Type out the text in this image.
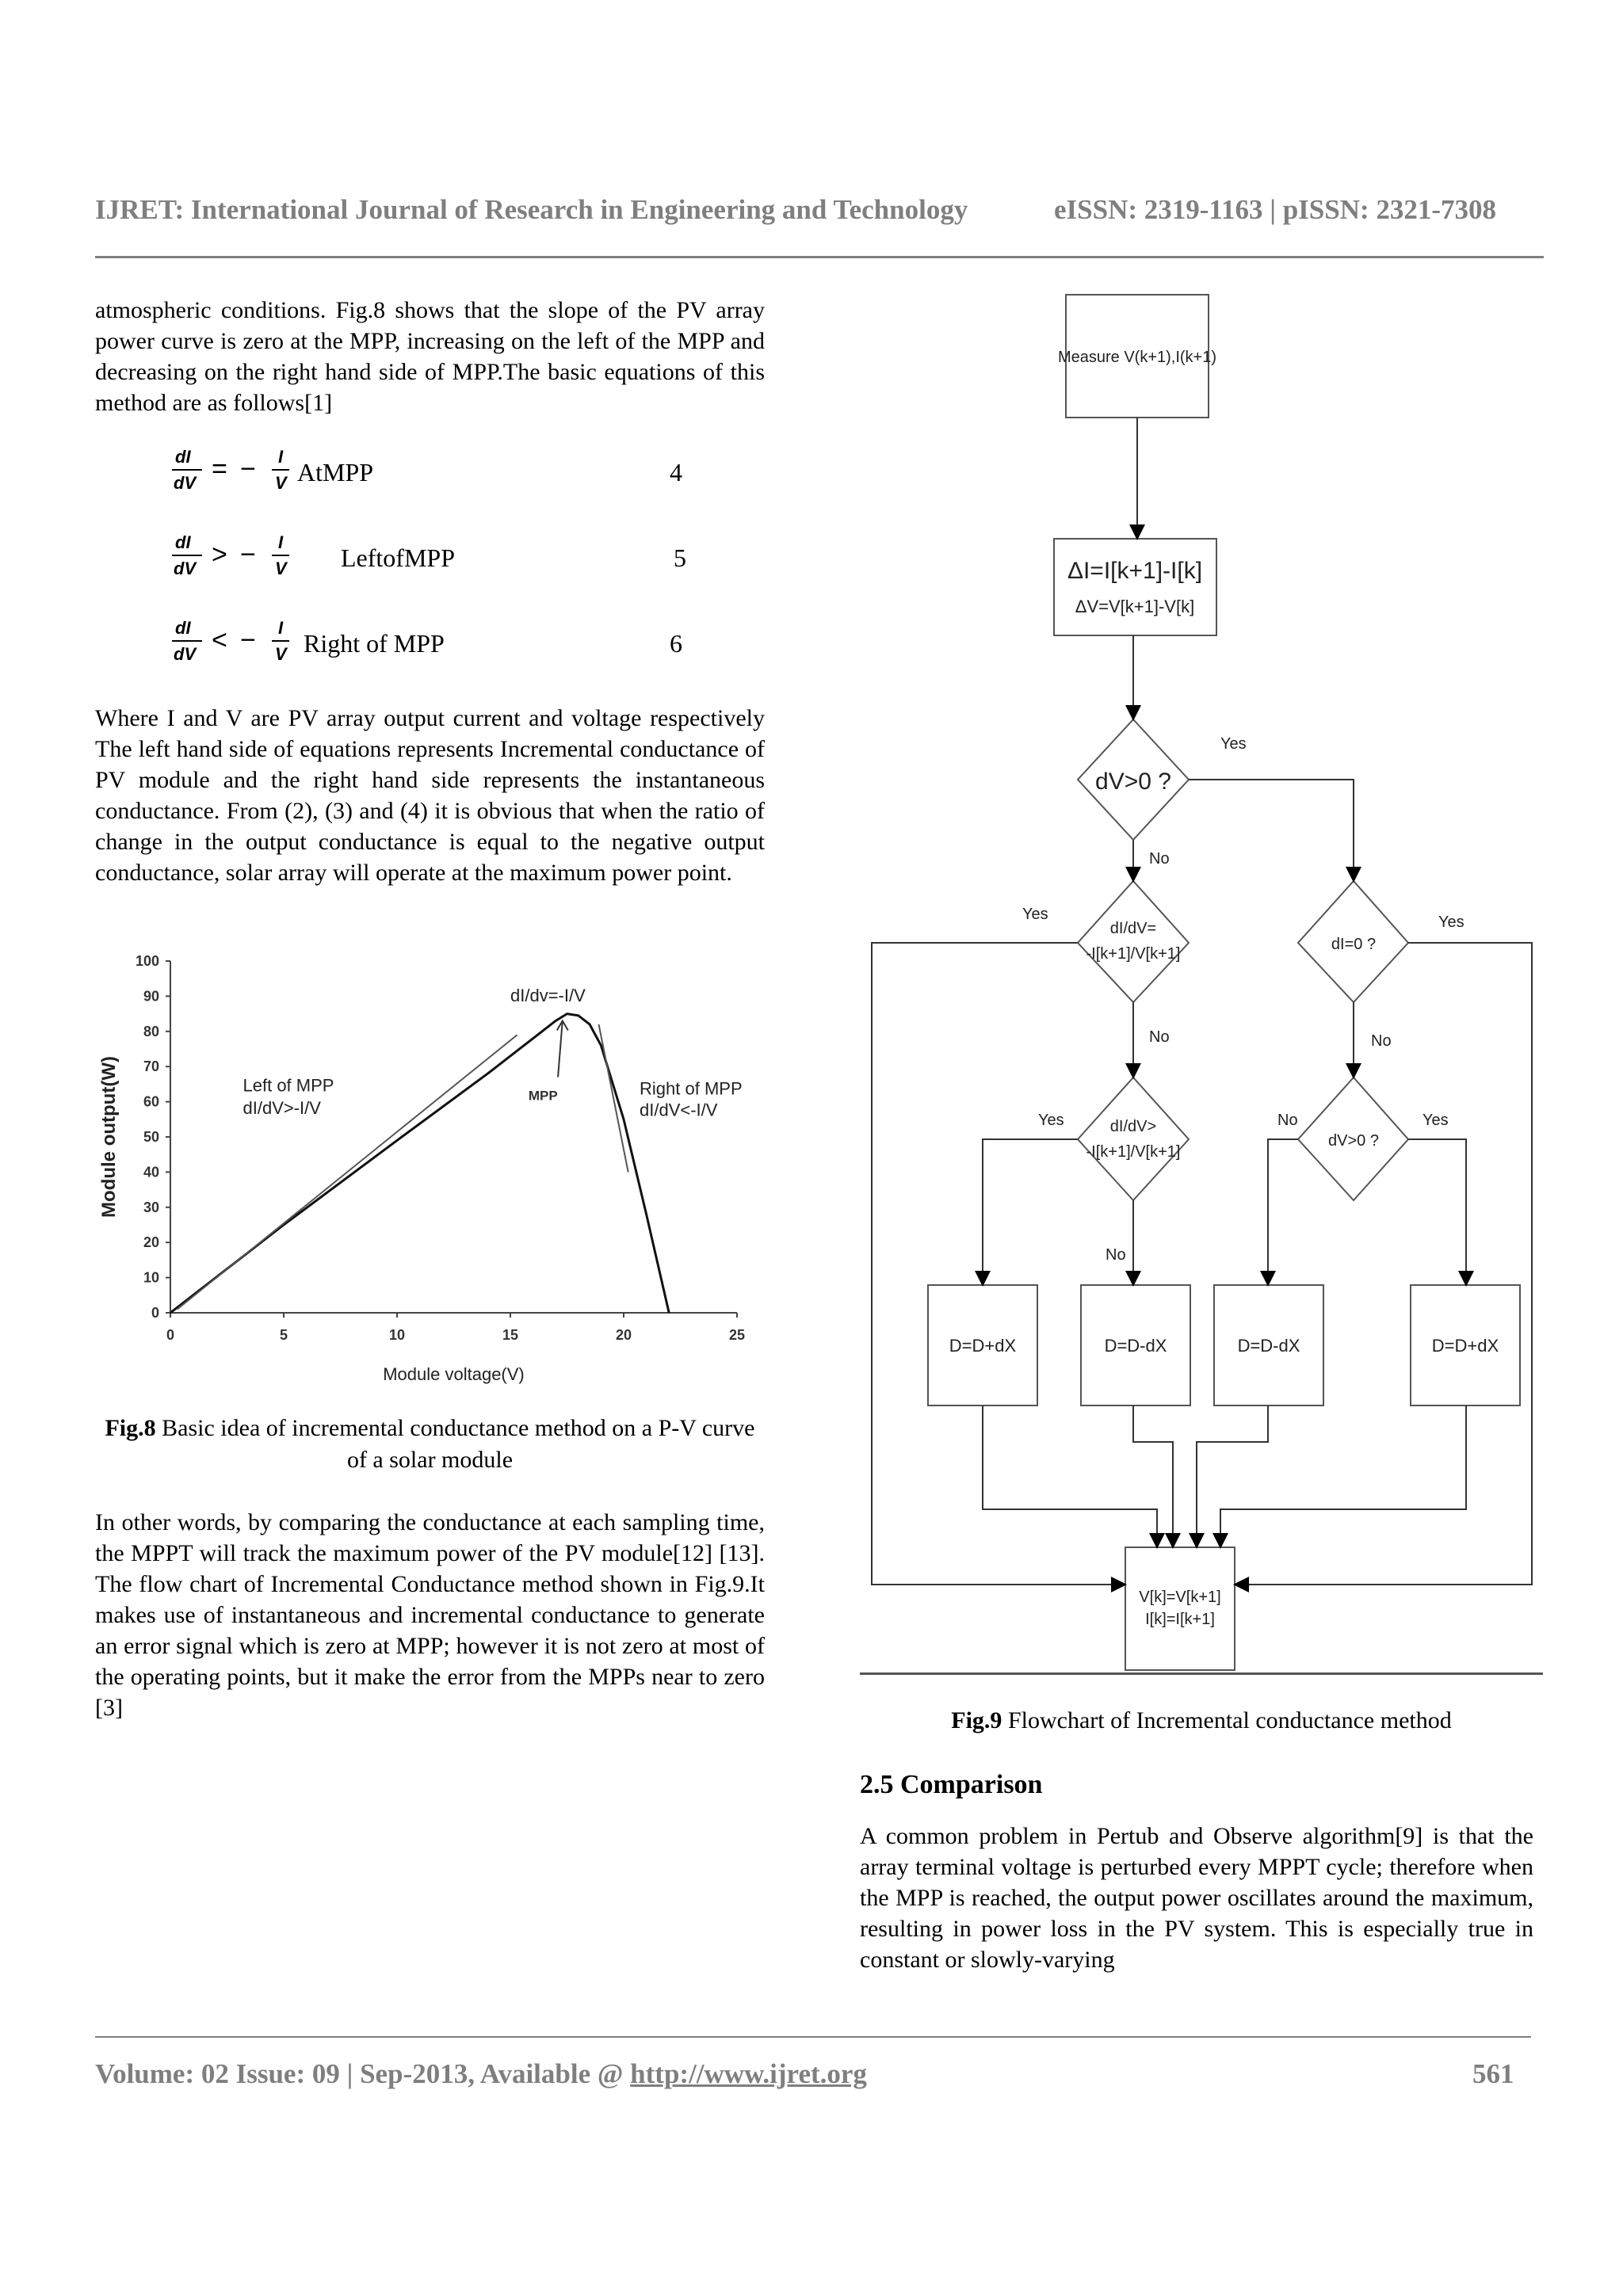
IJRET: International Journal of Research in Engineering and Technology	eISSN: 2319-1163 | pISSN: 2321-7308
atmospheric conditions. Fig.8 shows that the slope of the PV array power curve is zero at the MPP, increasing on the left of the MPP and decreasing on the right hand side of MPP.The basic equations of this method are as follows[1]
dI
dV = − I
V AtMPP	4
dI
dV > − I
V LeftofMPP	5
dI
dV < − I
V Right of MPP	6
Where I and V are PV array output current and voltage respectively The left hand side of equations represents Incremental conductance of PV module and the right hand side represents the instantaneous conductance. From (2), (3) and (4) it is obvious that when the ratio of change in the output conductance is equal to the negative output conductance, solar array will operate at the maximum power point.
0
10
20
30
40
50
60
70
80
90
100
0	5	10	15	20	25
Module voltage(V)
Module output(W)
dI/dv=-I/V
MPP
Left of MPP
dI/dV>-I/V
Right of MPP
dI/dV<-I/V
Fig.8 Basic idea of incremental conductance method on a P-V curve of a solar module
In other words, by comparing the conductance at each sampling time, the MPPT will track the maximum power of the PV module[12] [13]. The flow chart of Incremental Conductance method shown in Fig.9.It makes use of instantaneous and incremental conductance to generate an error signal which is zero at MPP; however it is not zero at most of the operating points, but it make the error from the MPPs near to zero [3]
Measure V(k+1),I(k+1)
ΔI=I[k+1]-I[k]
ΔV=V[k+1]-V[k]
dV>0 ?
dI/dV=
-I[k+1]/V[k+1]
dI=0 ?
dI/dV>
-I[k+1]/V[k+1]
dV>0 ?
D=D+dX	D=D-dX	D=D-dX	D=D+dX
V[k]=V[k+1]
I[k]=I[k+1]
Yes
No
Yes	Yes
No	No
Yes	No	Yes
No
Fig.9 Flowchart of Incremental conductance method
2.5 Comparison
A common problem in Pertub and Observe algorithm[9] is that the array terminal voltage is perturbed every MPPT cycle; therefore when the MPP is reached, the output power oscillates around the maximum, resulting in power loss in the PV system. This is especially true in constant or slowly-varying
Volume: 02 Issue: 09 | Sep-2013, Available @ http://www.ijret.org	561
